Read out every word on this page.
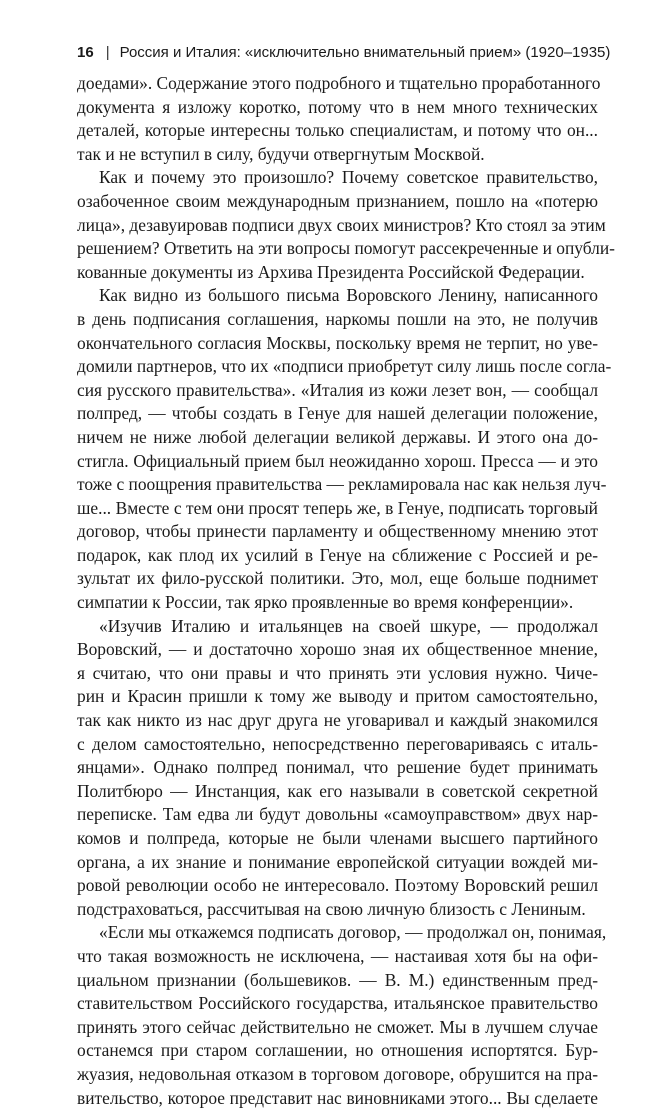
16 | Россия и Италия: «исключительно внимательный прием» (1920–1935)
доедами». Содержание этого подробного и тщательно проработанного
документа я изложу коротко, потому что в нем много технических
деталей, которые интересны только специалистам, и потому что он...
так и не вступил в силу, будучи отвергнутым Москвой.
Как и почему это произошло? Почему советское правительство,
озабоченное своим международным признанием, пошло на «потерю
лица», дезавуировав подписи двух своих министров? Кто стоял за этим
решением? Ответить на эти вопросы помогут рассекреченные и опубли-
кованные документы из Архива Президента Российской Федерации.
Как видно из большого письма Воровского Ленину, написанного
в день подписания соглашения, наркомы пошли на это, не получив
окончательного согласия Москвы, поскольку время не терпит, но уве-
домили партнеров, что их «подписи приобретут силу лишь после согла-
сия русского правительства». «Италия из кожи лезет вон, — сообщал
полпред, — чтобы создать в Генуе для нашей делегации положение,
ничем не ниже любой делегации великой державы. И этого она до-
стигла. Официальный прием был неожиданно хорош. Пресса — и это
тоже с поощрения правительства — рекламировала нас как нельзя луч-
ше... Вместе с тем они просят теперь же, в Генуе, подписать торговый
договор, чтобы принести парламенту и общественному мнению этот
подарок, как плод их усилий в Генуе на сближение с Россией и ре-
зультат их фило-русской политики. Это, мол, еще больше поднимет
симпатии к России, так ярко проявленные во время конференции».
«Изучив Италию и итальянцев на своей шкуре, — продолжал
Воровский, — и достаточно хорошо зная их общественное мнение,
я считаю, что они правы и что принять эти условия нужно. Чиче-
рин и Красин пришли к тому же выводу и притом самостоятельно,
так как никто из нас друг друга не уговаривал и каждый знакомился
с делом самостоятельно, непосредственно переговариваясь с италь-
янцами». Однако полпред понимал, что решение будет принимать
Политбюро — Инстанция, как его называли в советской секретной
переписке. Там едва ли будут довольны «самоуправством» двух нар-
комов и полпреда, которые не были членами высшего партийного
органа, а их знание и понимание европейской ситуации вождей ми-
ровой революции особо не интересовало. Поэтому Воровский решил
подстраховаться, рассчитывая на свою личную близость с Лениным.
«Если мы откажемся подписать договор, — продолжал он, понимая,
что такая возможность не исключена, — настаивая хотя бы на офи-
циальном признании (большевиков. — В. М.) единственным пред-
ставительством Российского государства, итальянское правительство
принять этого сейчас действительно не сможет. Мы в лучшем случае
останемся при старом соглашении, но отношения испортятся. Бур-
жуазия, недовольная отказом в торговом договоре, обрушится на пра-
вительство, которое представит нас виновниками этого... Вы сделаете
